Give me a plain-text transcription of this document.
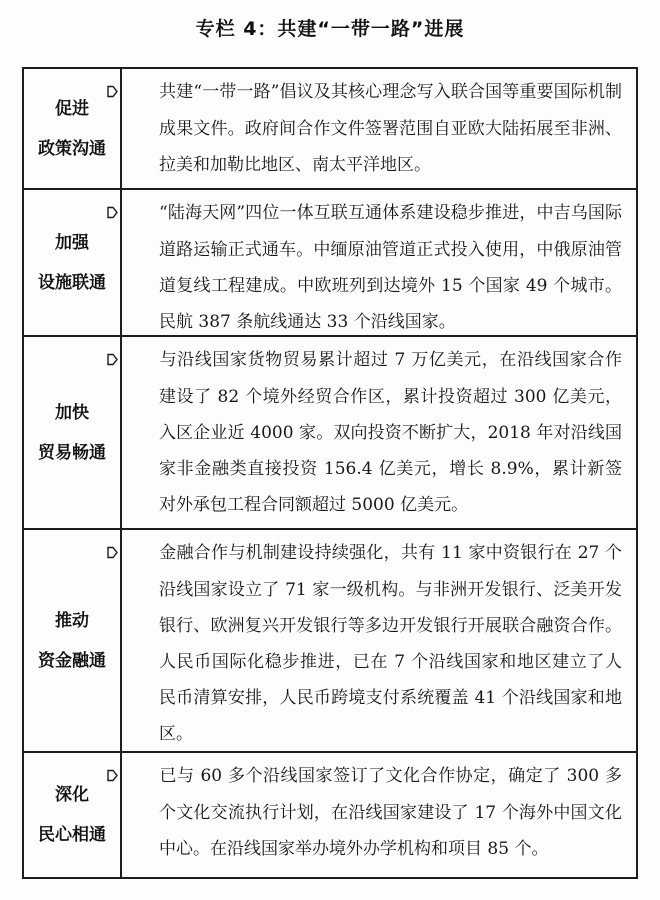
专栏 4：共建“一带一路”进展
促进
政策沟通

共建“一带一路”倡议及其核心理念写入联合国等重要国际机制成果文件。政府间合作文件签署范围自亚欧大陆拓展至非洲、拉美和加勒比地区、南太平洋地区。

加强
设施联通

“陆海天网”四位一体互联互通体系建设稳步推进，中吉乌国际道路运输正式通车。中缅原油管道正式投入使用，中俄原油管道复线工程建成。中欧班列到达境外 15 个国家 49 个城市。民航 387 条航线通达 33 个沿线国家。

加快
贸易畅通

与沿线国家货物贸易累计超过 7 万亿美元，在沿线国家合作建设了 82 个境外经贸合作区，累计投资超过 300 亿美元，入区企业近 4000 家。双向投资不断扩大，2018 年对沿线国家非金融类直接投资 156.4 亿美元，增长 8.9%，累计新签对外承包工程合同额超过 5000 亿美元。

推动
资金融通

金融合作与机制建设持续强化，共有 11 家中资银行在 27 个沿线国家设立了 71 家一级机构。与非洲开发银行、泛美开发银行、欧洲复兴开发银行等多边开发银行开展联合融资合作。人民币国际化稳步推进，已在 7 个沿线国家和地区建立了人民币清算安排，人民币跨境支付系统覆盖 41 个沿线国家和地区。

深化
民心相通

已与 60 多个沿线国家签订了文化合作协定，确定了 300 多个文化交流执行计划，在沿线国家建设了 17 个海外中国文化中心。在沿线国家举办境外办学机构和项目 85 个。
